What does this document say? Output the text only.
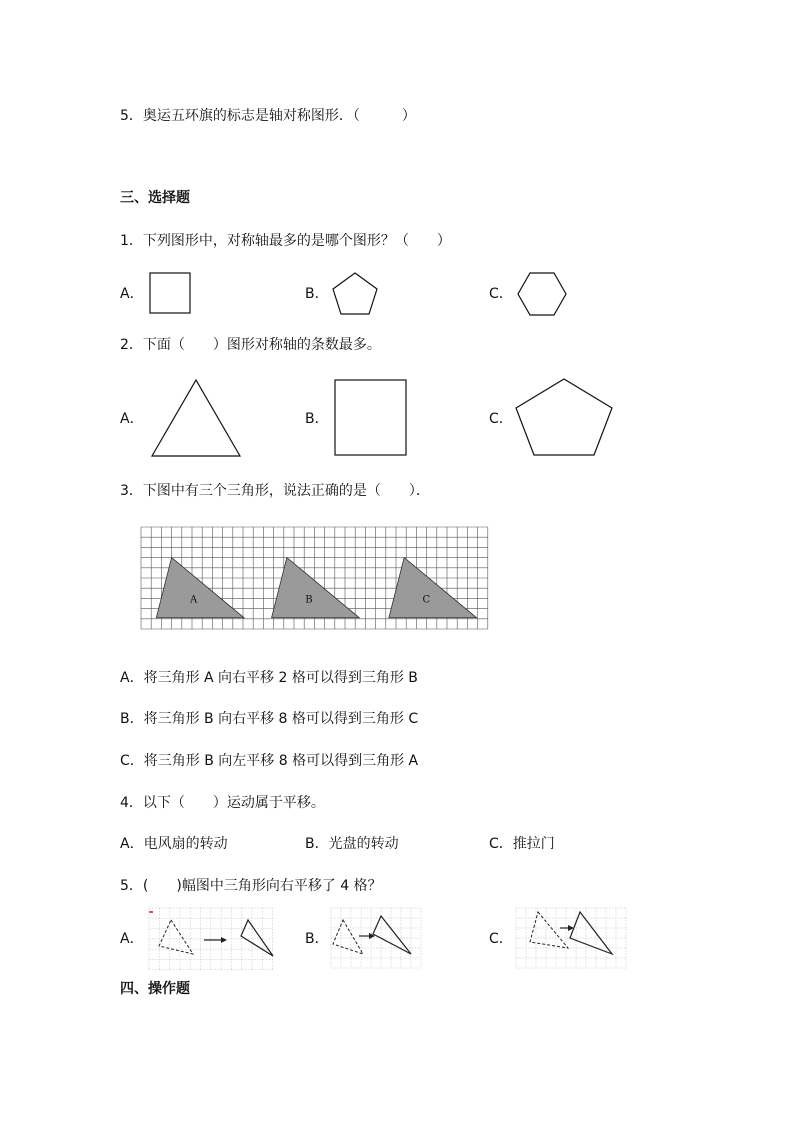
5．奥运五环旗的标志是轴对称图形．（　　　）
三、选择题
1．下列图形中，对称轴最多的是哪个图形？（　　）
A．	B．	C．
2．下面（　　）图形对称轴的条数最多。
A．	B．	C．
3．下图中有三个三角形，说法正确的是（　　）．
A	B	C
A．将三角形 A 向右平移 2 格可以得到三角形 B
B．将三角形 B 向右平移 8 格可以得到三角形 C
C．将三角形 B 向左平移 8 格可以得到三角形 A
4．以下（　　）运动属于平移。
A．电风扇的转动	B．光盘的转动	C．推拉门
5．(　　)幅图中三角形向右平移了 4 格？
A．	B．	C．
四、操作题
